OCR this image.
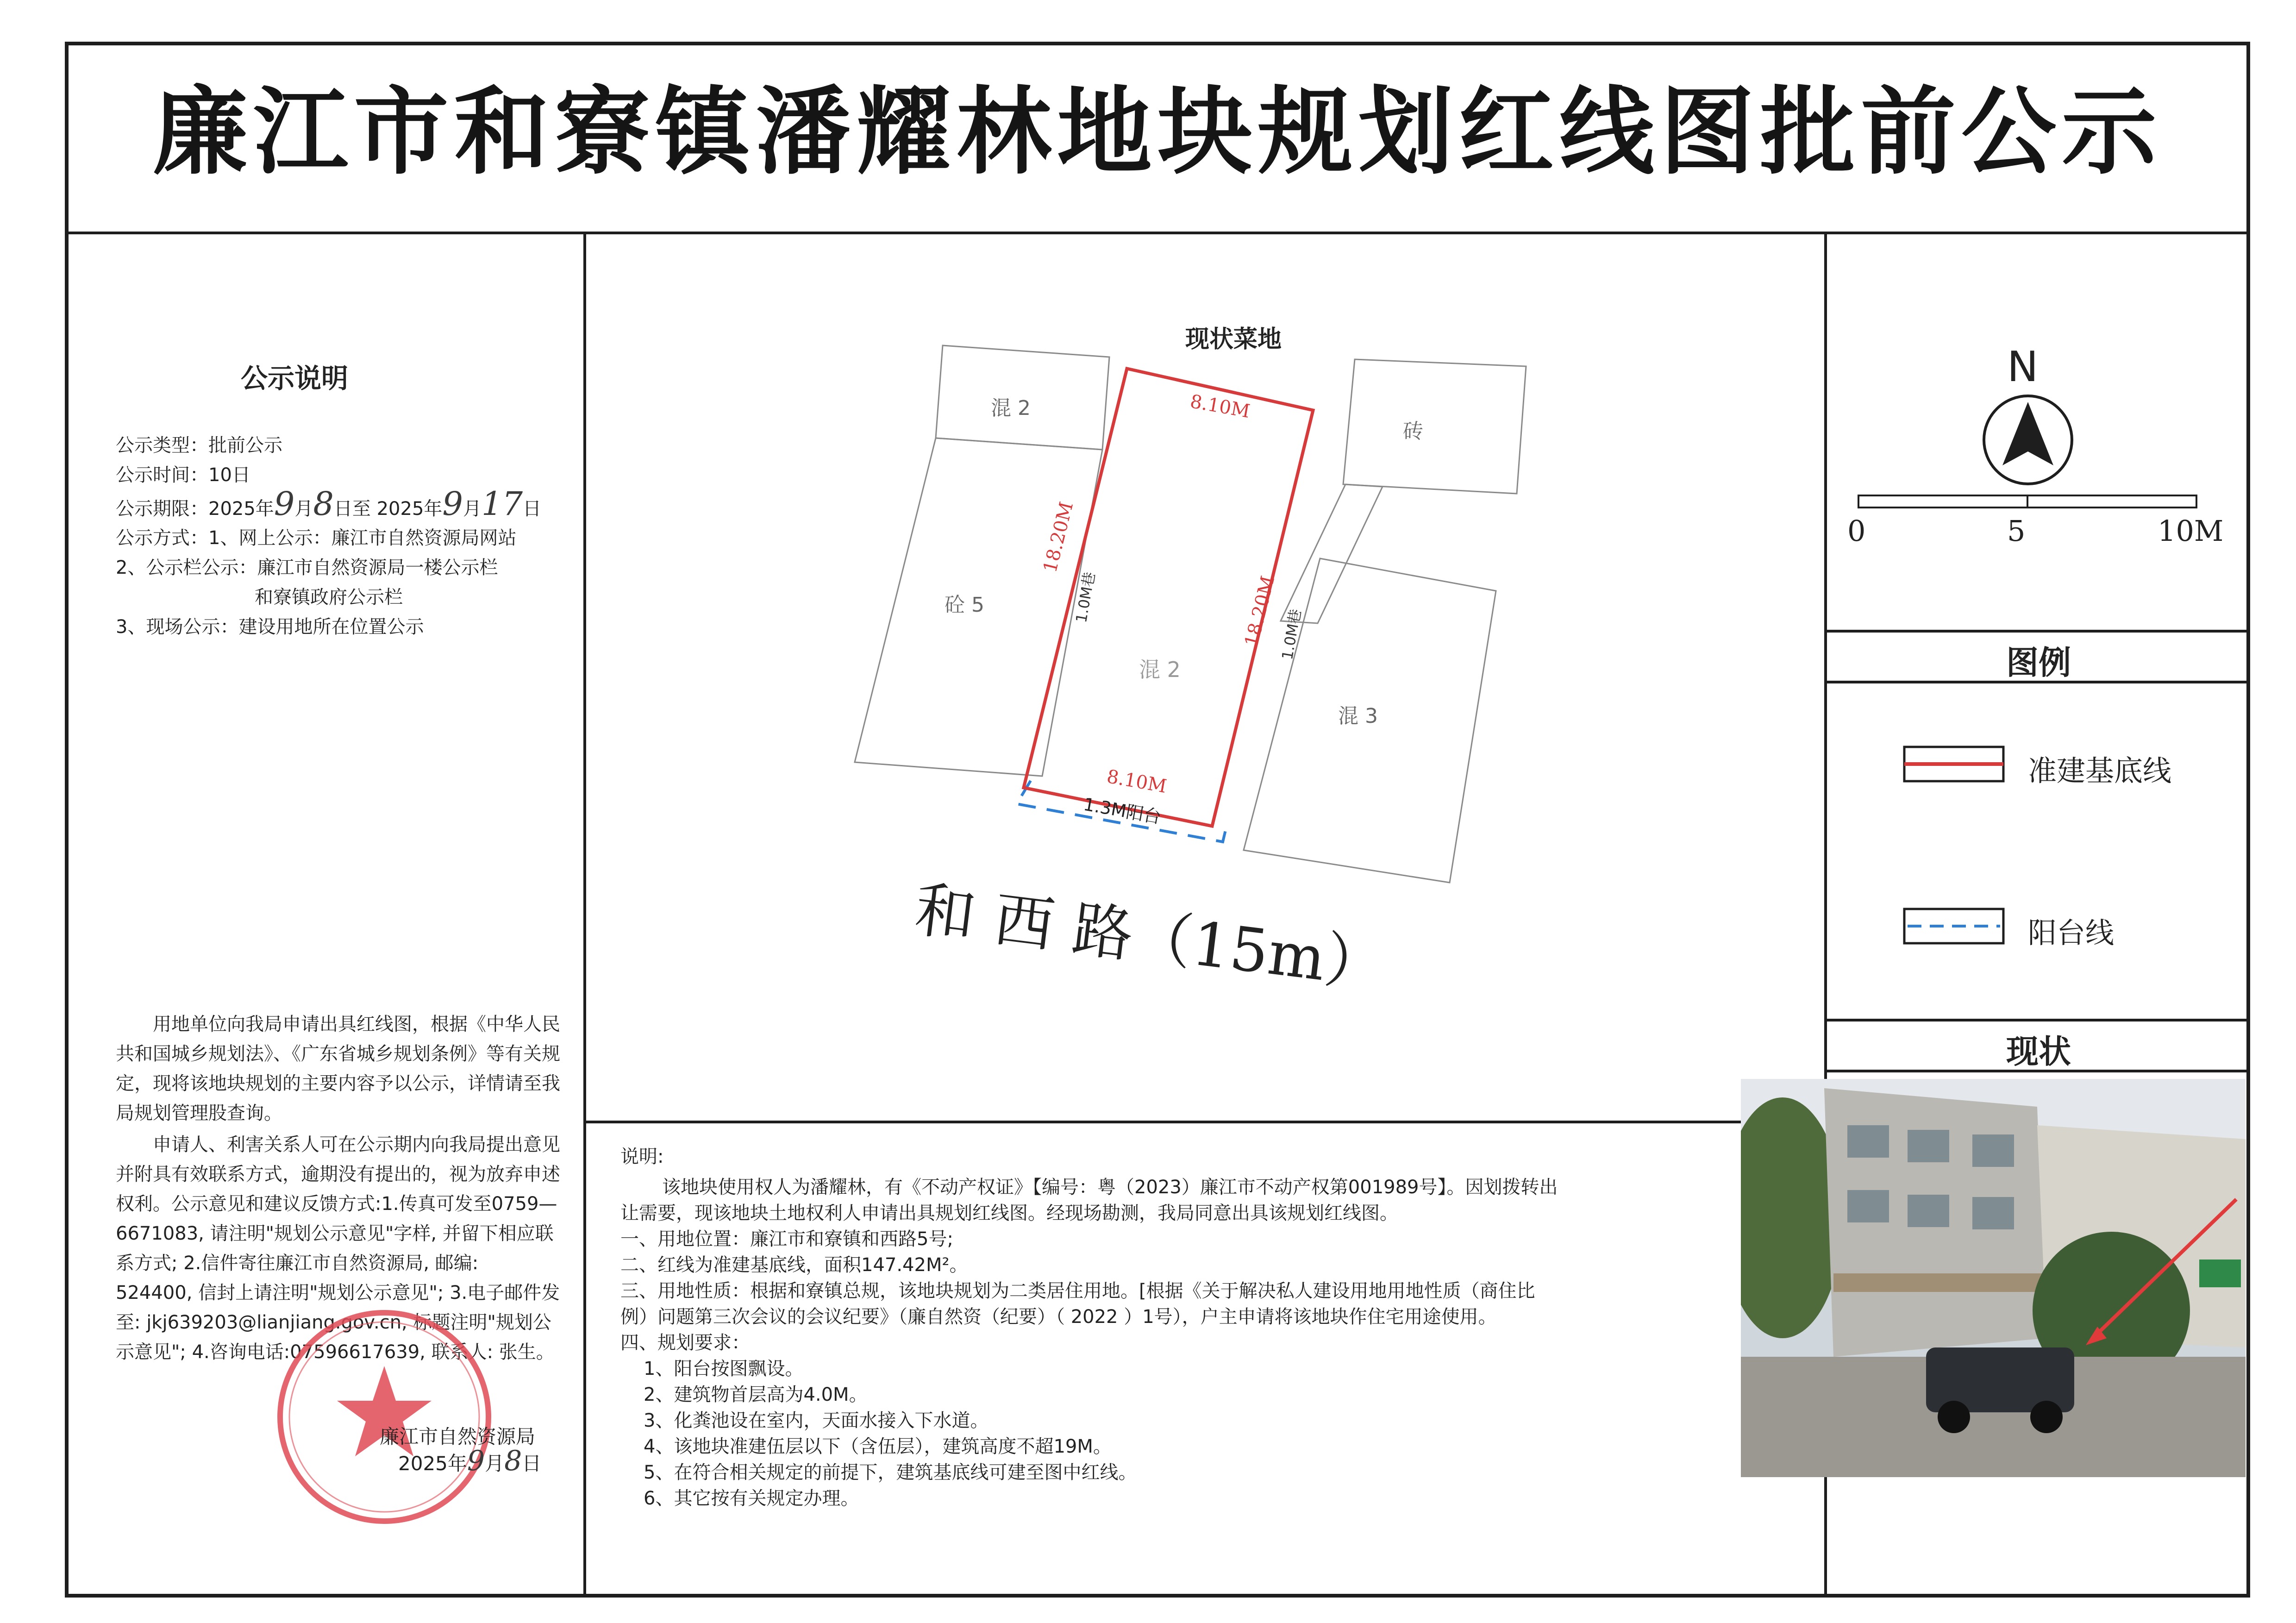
廉江市和寮镇潘耀林地块规划红线图批前公示
公示说明
公示类型：批前公示
公示时间：10日
公示期限：2025年9月8日至 2025年9月17日
公示方式：1、网上公示：廉江市自然资源局网站
2、公示栏公示：廉江市自然资源局一楼公示栏
和寮镇政府公示栏
3、现场公示：建设用地所在位置公示
用地单位向我局申请出具红线图，根据《中华人民共和国城乡规划法》、《广东省城乡规划条例》等有关规定，现将该地块规划的主要内容予以公示，详情请至我局规划管理股查询。
申请人、利害关系人可在公示期内向我局提出意见并附具有效联系方式，逾期没有提出的，视为放弃申述权利。公示意见和建议反馈方式:1.传真可发至0759—6671083, 请注明"规划公示意见"字样, 并留下相应联系方式; 2.信件寄往廉江市自然资源局, 邮编: 524400, 信封上请注明"规划公示意见"; 3.电子邮件发至: jkj639203@lianjiang.gov.cn, 标题注明"规划公示意见"; 4.咨询电话:07596617639, 联系人: 张生。
廉江市自然资源局
2025年9月8日
现状菜地
和 西 路（15m）
混 2
8.10M
8.10M
18.20M
18.20M
1.0M巷
1.0M巷
1.3M阳台
混 2
砼 5
砖
混 3
N
0	5	10M
图例
准建基底线
阳台线
现状
说明:
该地块使用权人为潘耀林，有《不动产权证》【编号：粤（2023）廉江市不动产权第001989号】。因划拨转出
让需要，现该地块土地权利人申请出具规划红线图。经现场勘测，我局同意出具该规划红线图。
一、用地位置：廉江市和寮镇和西路5号;
二、红线为准建基底线，面积147.42M²。
三、用地性质：根据和寮镇总规，该地块规划为二类居住用地。[根据《关于解决私人建设用地用地性质（商住比
例）问题第三次会议的会议纪要》（廉自然资（纪要）（ 2022 ）1号），户主申请将该地块作住宅用途使用。
四、规划要求：
1、阳台按图飘设。
2、建筑物首层高为4.0M。
3、化粪池设在室内，天面水接入下水道。
4、该地块准建伍层以下（含伍层），建筑高度不超19M。
5、在符合相关规定的前提下，建筑基底线可建至图中红线。
6、其它按有关规定办理。
